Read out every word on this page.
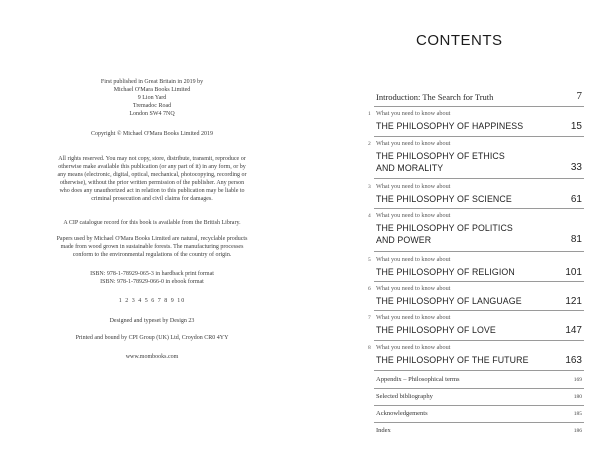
First published in Great Britain in 2019 by
Michael O'Mara Books Limited
9 Lion Yard
Tremadoc Road
London SW4 7NQ
Copyright © Michael O'Mara Books Limited 2019
All rights reserved. You may not copy, store, distribute, transmit, reproduce or
otherwise make available this publication (or any part of it) in any form, or by
any means (electronic, digital, optical, mechanical, photocopying, recording or
otherwise), without the prior written permission of the publisher. Any person
who does any unauthorized act in relation to this publication may be liable to
criminal prosecution and civil claims for damages.
A CIP catalogue record for this book is available from the British Library.
Papers used by Michael O'Mara Books Limited are natural, recyclable products
made from wood grown in sustainable forests. The manufacturing processes
conform to the environmental regulations of the country of origin.
ISBN: 978-1-78929-065-3 in hardback print format
ISBN: 978-1-78929-066-0 in ebook format
1 2 3 4 5 6 7 8 9 10
Designed and typeset by Design 23
Printed and bound by CPI Group (UK) Ltd, Croydon CR0 4YY
www.mombooks.com
CONTENTS
Introduction: The Search for Truth	7
1 What you need to know about
THE PHILOSOPHY OF HAPPINESS	15
2 What you need to know about
THE PHILOSOPHY OF ETHICS
AND MORALITY	33
3 What you need to know about
THE PHILOSOPHY OF SCIENCE	61
4 What you need to know about
THE PHILOSOPHY OF POLITICS
AND POWER	81
5 What you need to know about
THE PHILOSOPHY OF RELIGION	101
6 What you need to know about
THE PHILOSOPHY OF LANGUAGE	121
7 What you need to know about
THE PHILOSOPHY OF LOVE	147
8 What you need to know about
THE PHILOSOPHY OF THE FUTURE	163
Appendix – Philosophical terms	169
Selected bibliography	180
Acknowledgements	185
Index	186
